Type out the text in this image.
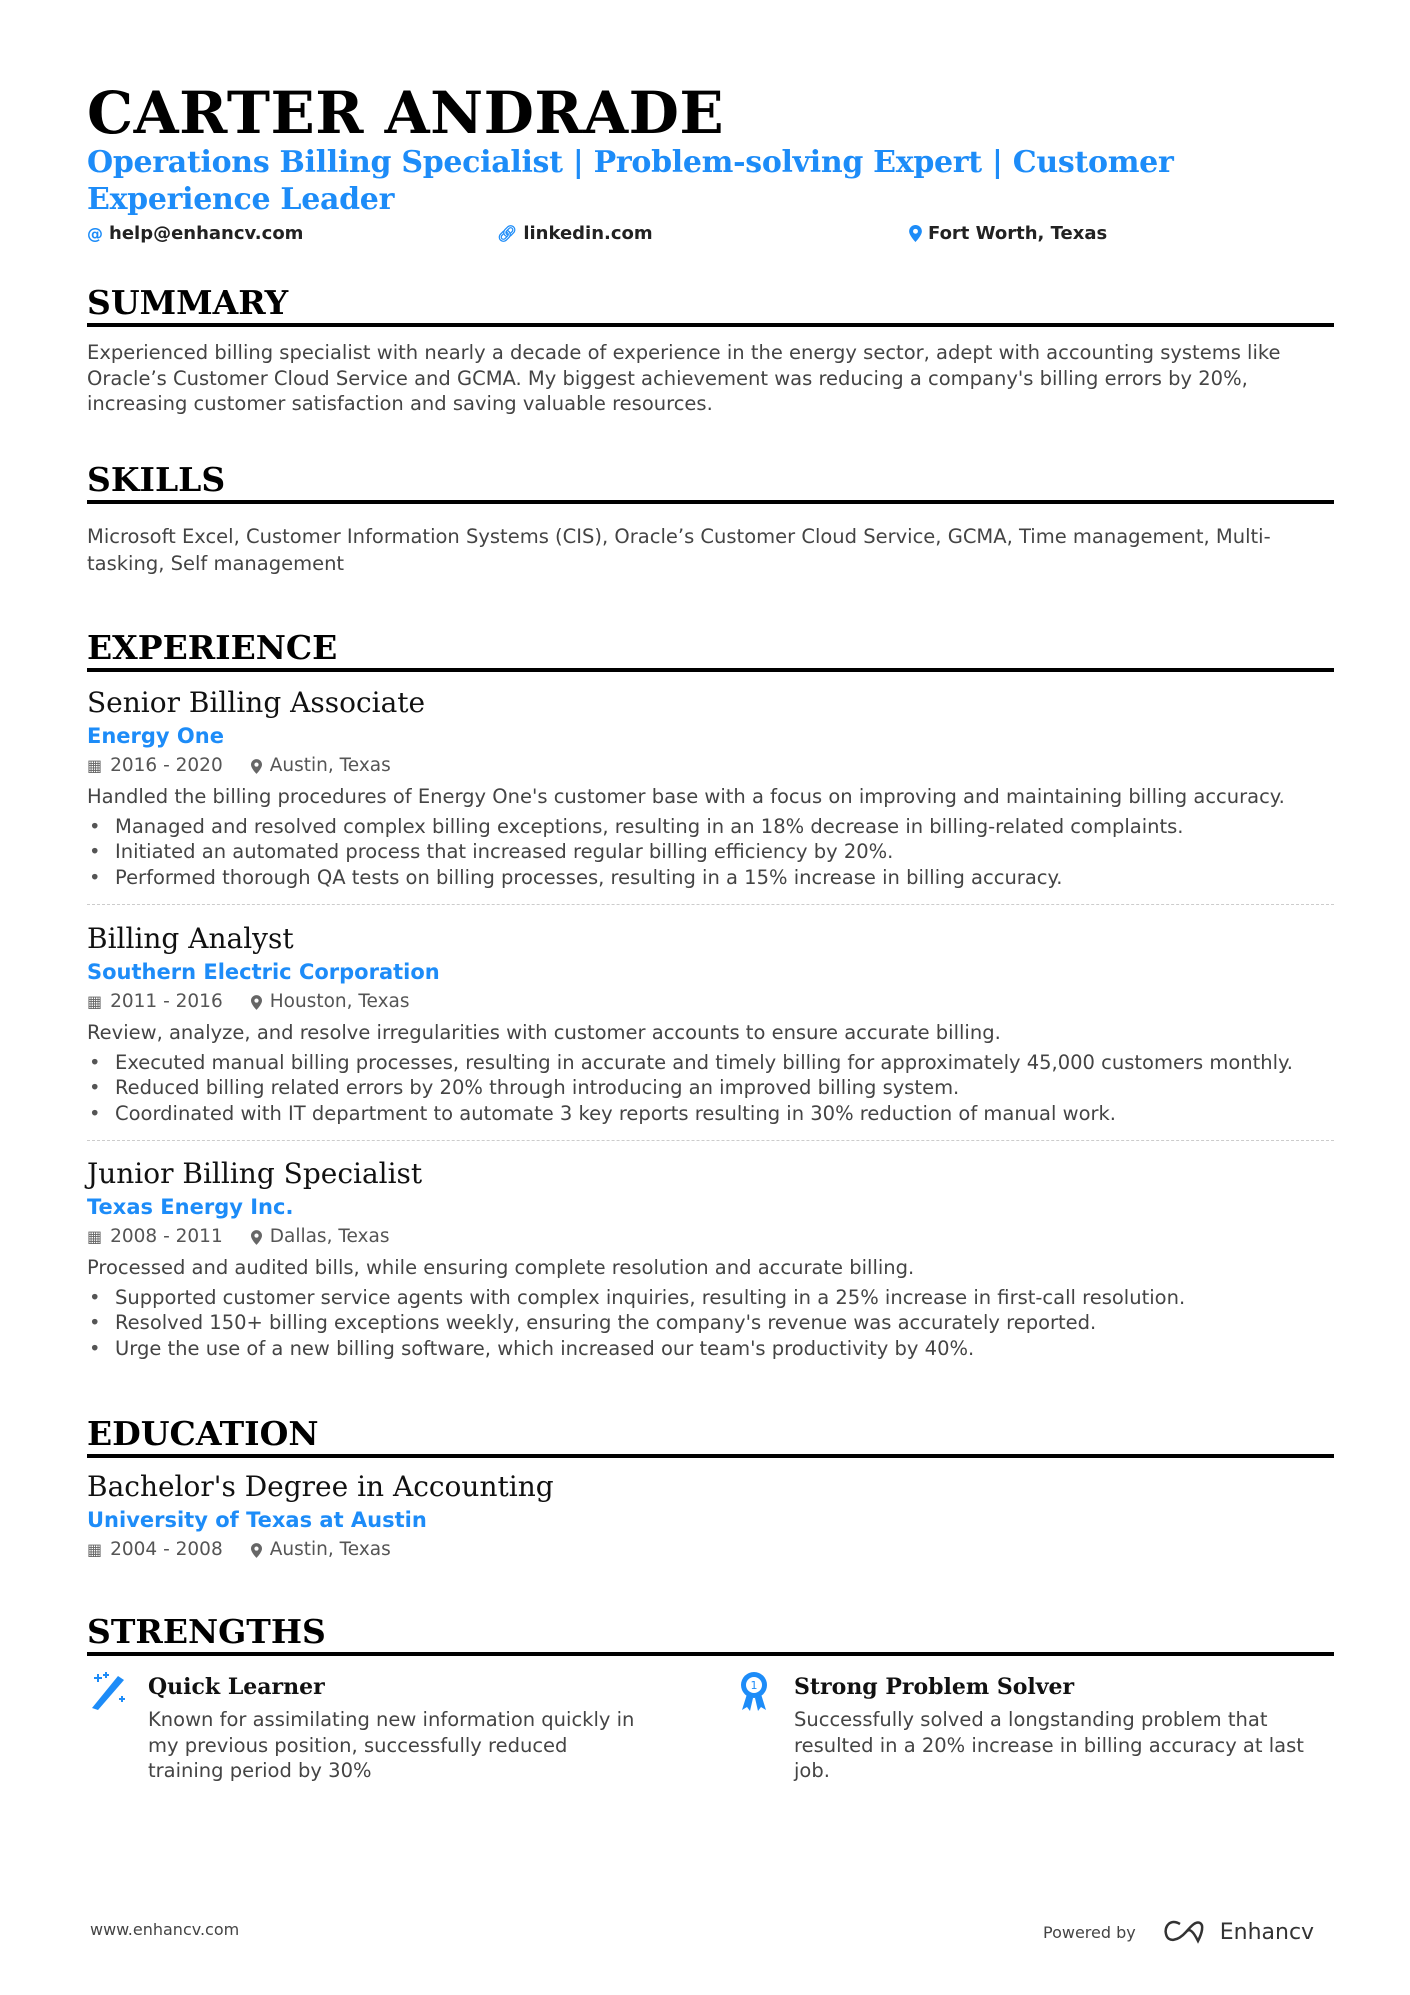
CARTER ANDRADE
Operations Billing Specialist | Problem-solving Expert | Customer Experience Leader
@ help@enhancv.com	🔗︎ linkedin.com	Fort Worth, Texas
SUMMARY
Experienced billing specialist with nearly a decade of experience in the energy sector, adept with accounting systems like Oracle’s Customer Cloud Service and GCMA. My biggest achievement was reducing a company's billing errors by 20%, increasing customer satisfaction and saving valuable resources.
SKILLS
Microsoft Excel, Customer Information Systems (CIS), Oracle’s Customer Cloud Service, GCMA, Time management, Multi-tasking, Self management
EXPERIENCE
Senior Billing Associate
Energy One
▦ 2016 - 2020	Austin, Texas
Handled the billing procedures of Energy One's customer base with a focus on improving and maintaining billing accuracy.
• Managed and resolved complex billing exceptions, resulting in an 18% decrease in billing-related complaints.
• Initiated an automated process that increased regular billing efficiency by 20%.
• Performed thorough QA tests on billing processes, resulting in a 15% increase in billing accuracy.
Billing Analyst
Southern Electric Corporation
▦ 2011 - 2016	Houston, Texas
Review, analyze, and resolve irregularities with customer accounts to ensure accurate billing.
• Executed manual billing processes, resulting in accurate and timely billing for approximately 45,000 customers monthly.
• Reduced billing related errors by 20% through introducing an improved billing system.
• Coordinated with IT department to automate 3 key reports resulting in 30% reduction of manual work.
Junior Billing Specialist
Texas Energy Inc.
▦ 2008 - 2011	Dallas, Texas
Processed and audited bills, while ensuring complete resolution and accurate billing.
• Supported customer service agents with complex inquiries, resulting in a 25% increase in first-call resolution.
• Resolved 150+ billing exceptions weekly, ensuring the company's revenue was accurately reported.
• Urge the use of a new billing software, which increased our team's productivity by 40%.
EDUCATION
Bachelor's Degree in Accounting
University of Texas at Austin
▦ 2004 - 2008	Austin, Texas
STRENGTHS
Quick Learner
Known for assimilating new information quickly in my previous position, successfully reduced training period by 30%
1 Strong Problem Solver
Successfully solved a longstanding problem that resulted in a 20% increase in billing accuracy at last job.
www.enhancv.com	Powered by	Enhancv
